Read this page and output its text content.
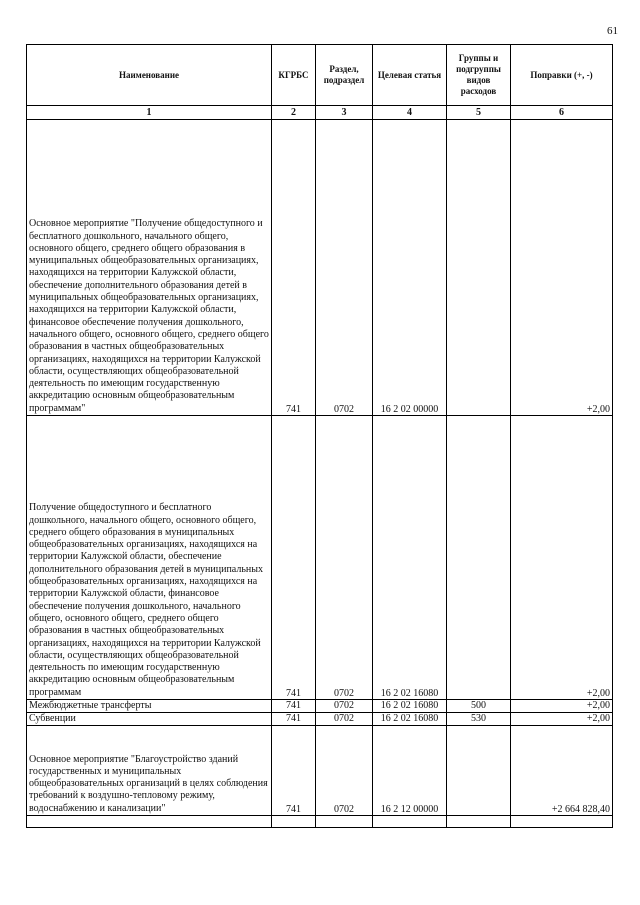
61
Наименование	КГРБС	Раздел, подраздел	Целевая статья	Группы и подгруппы видов расходов	Поправки (+, -)
1	2	3	4	5	6
Основное мероприятие "Получение общедоступного и бесплатного дошкольного, начального общего, основного общего, среднего общего образования в муниципальных общеобразовательных организациях, находящихся на территории Калужской области, обеспечение дополнительного образования детей в муниципальных общеобразовательных организациях, находящихся на территории Калужской области, финансовое обеспечение получения дошкольного, начального общего, основного общего, среднего общего образования в частных общеобразовательных организациях, находящихся на территории Калужской области, осуществляющих общеобразовательной деятельность по имеющим государственную аккредитацию основным общеобразовательным программам"	741	0702	16 2 02 00000		+2,00
Получение общедоступного и бесплатного дошкольного, начального общего, основного общего, среднего общего образования в муниципальных общеобразовательных организациях, находящихся на территории Калужской области, обеспечение дополнительного образования детей в муниципальных общеобразовательных организациях, находящихся на территории Калужской области, финансовое обеспечение получения дошкольного, начального общего, основного общего, среднего общего образования в частных общеобразовательных организациях, находящихся на территории Калужской области, осуществляющих общеобразовательной деятельность по имеющим государственную аккредитацию основным общеобразовательным программам	741	0702	16 2 02 16080		+2,00
Межбюджетные трансферты	741	0702	16 2 02 16080	500	+2,00
Субвенции	741	0702	16 2 02 16080	530	+2,00
Основное мероприятие "Благоустройство зданий государственных и муниципальных общеобразовательных организаций в целях соблюдения требований к воздушно-тепловому режиму, водоснабжению и канализации"	741	0702	16 2 12 00000		+2 664 828,40
